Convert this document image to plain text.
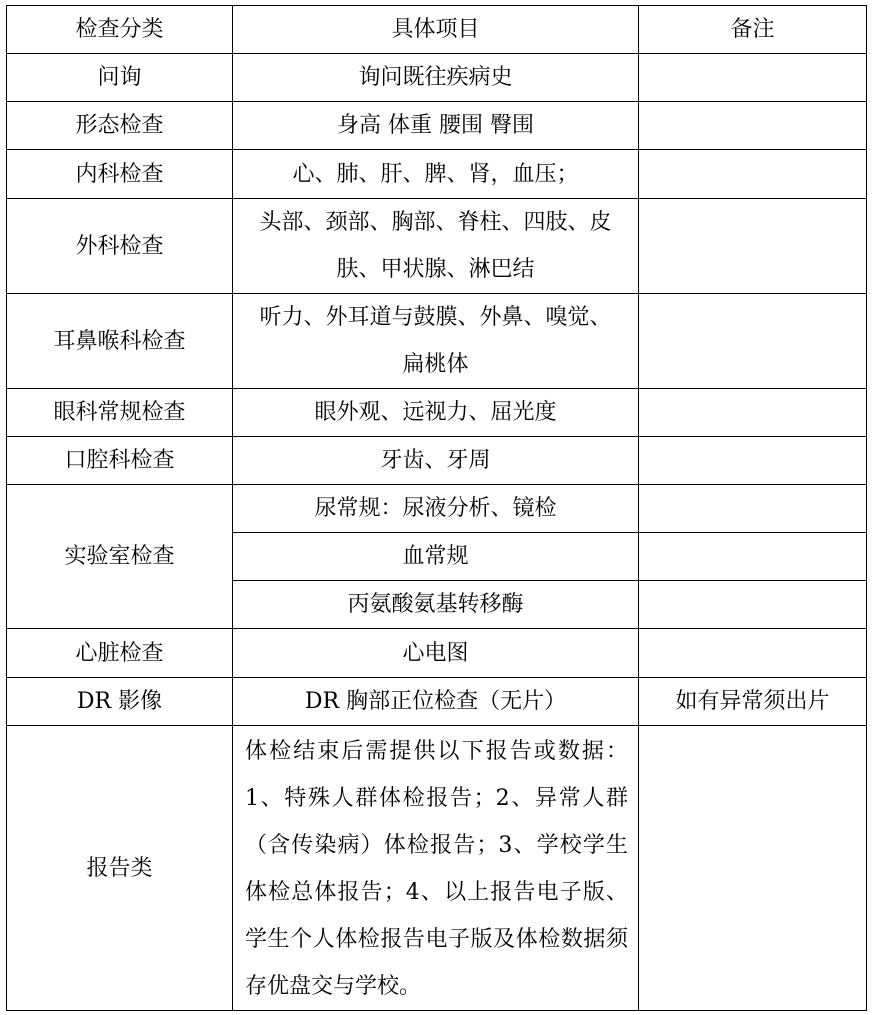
检查分类	具体项目	备注
问询	询问既往疾病史	
形态检查	身高 体重 腰围 臀围	
内科检查	心、肺、肝、脾、肾，血压；	
外科检查	头部、颈部、胸部、脊柱、四肢、皮肤、甲状腺、淋巴结	
耳鼻喉科检查	听力、外耳道与鼓膜、外鼻、嗅觉、扁桃体	
眼科常规检查	眼外观、远视力、屈光度	
口腔科检查	牙齿、牙周	
实验室检查	尿常规：尿液分析、镜检	
	血常规	
	丙氨酸氨基转移酶	
心脏检查	心电图	
DR 影像	DR 胸部正位检查（无片）	如有异常须出片
报告类	体检结束后需提供以下报告或数据：1、特殊人群体检报告；2、异常人群（含传染病）体检报告；3、学校学生体检总体报告；4、以上报告电子版、学生个人体检报告电子版及体检数据须存优盘交与学校。	
